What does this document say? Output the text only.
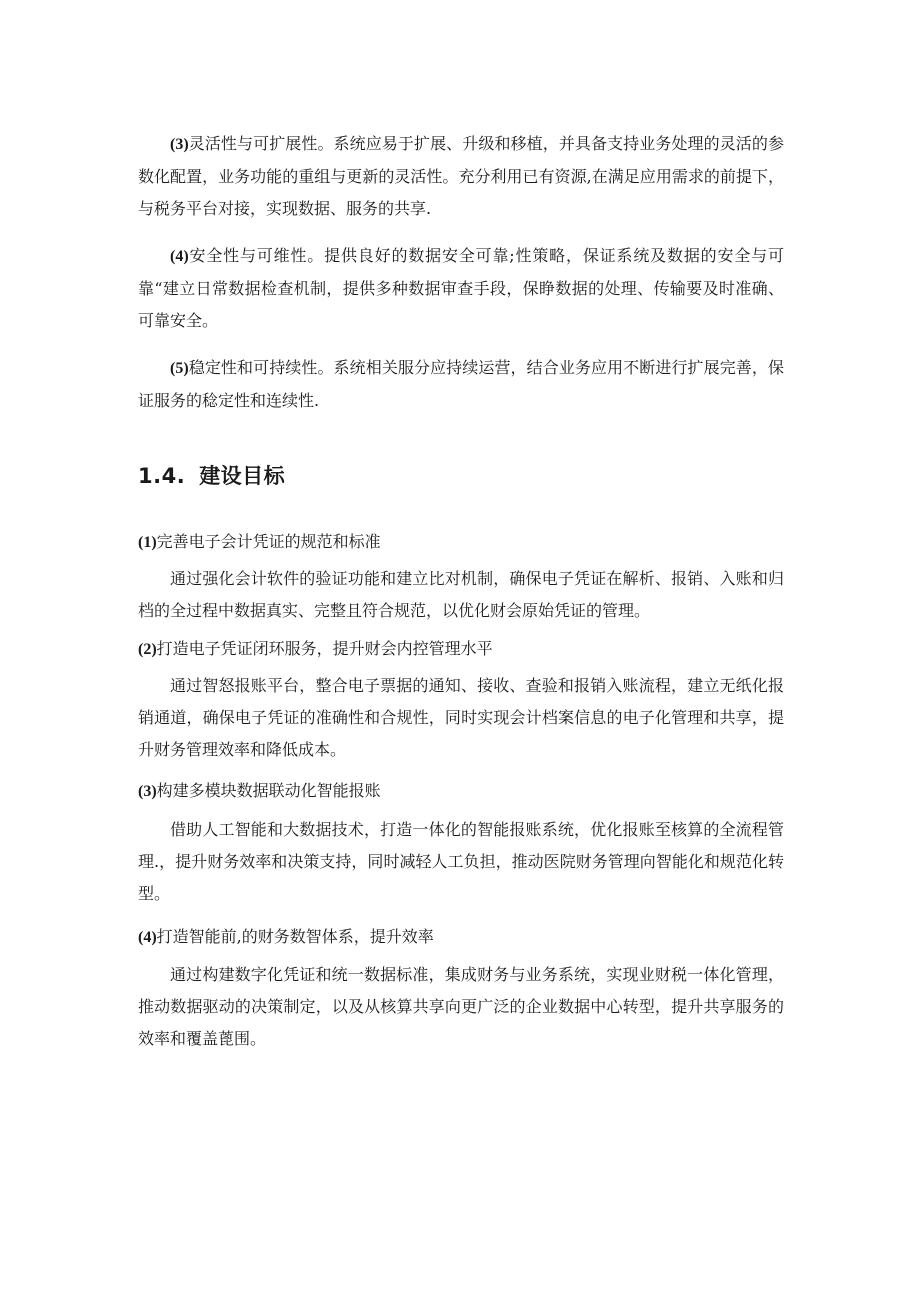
(3)灵活性与可扩展性。系统应易于扩展、升级和移植，并具备支持业务处理的灵活的参数化配置，业务功能的重组与更新的灵活性。充分利用已有资源,在满足应用需求的前提下，与税务平台对接，实现数据、服务的共享.

(4)安全性与可维性。提供良好的数据安全可靠;性策略，保证系统及数据的安全与可靠“建立日常数据检查机制，提供多种数据审查手段，保睁数据的处理、传输要及时准确、可靠安全。

(5)稳定性和可持续性。系统相关服分应持续运营，结合业务应用不断进行扩展完善，保证服务的稔定性和连续性.

1.4. 建设目标

(1)完善电子会计凭证的规范和标准

通过强化会计软件的验证功能和建立比对机制，确保电子凭证在解析、报销、入账和归档的全过程中数据真实、完整且符合规范，以优化财会原始凭证的管理。

(2)打造电子凭证闭环服务，提升财会内控管理水平

通过智怒报账平台，整合电子票据的通知、接收、查验和报销入账流程，建立无纸化报销通道，确保电子凭证的准确性和合规性，同时实现会计档案信息的电子化管理和共享，提升财务管理效率和降低成本。

(3)构建多模块数据联动化智能报账

借助人工智能和大数据技术，打造一体化的智能报账系统，优化报账至核算的全流程管理.，提升财务效率和决策支持，同时减轻人工负担，推动医院财务管理向智能化和规范化转型。

(4)打造智能前,的财务数智体系，提升效率

通过构建数字化凭证和统一数据标准，集成财务与业务系统，实现业财税一体化管理，推动数据驱动的决策制定，以及从核算共享向更广泛的企业数据中心转型，提升共享服务的效率和覆盖蓖围。
